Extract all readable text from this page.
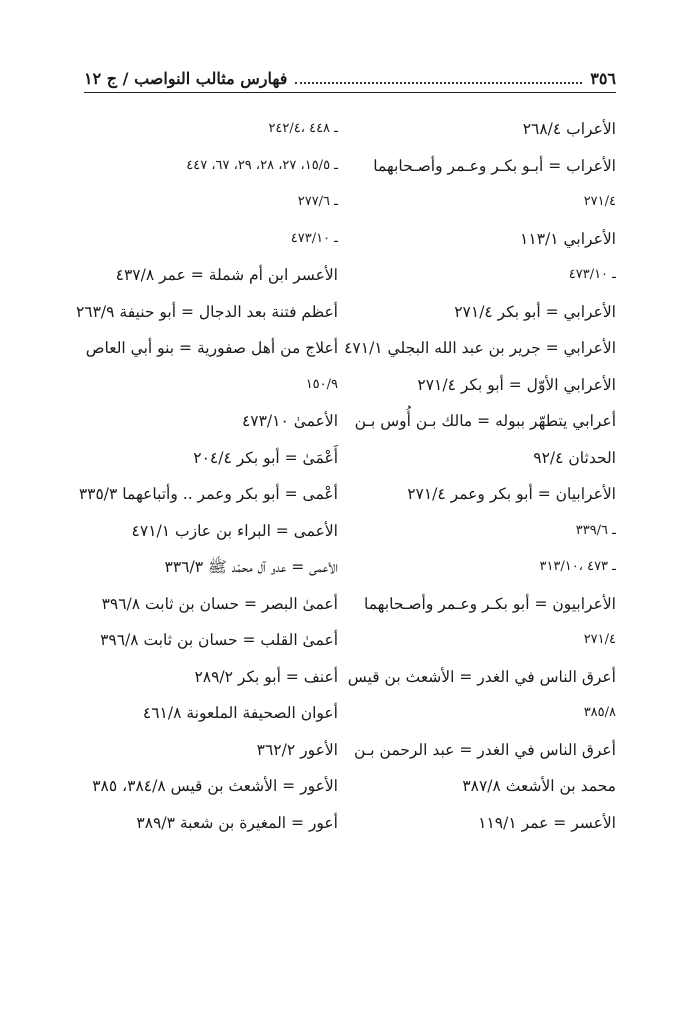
٣٥٦
فهارس مثالب النواصب / ج ١٢
الأعراب ٢٦٨/٤
الأعراب = أبـو بكـر وعـمر وأصـحابهما
٢٧١/٤
الأعرابي ١١٣/١
ـ ٤٧٣/١٠
الأعرابي = أبو بكر ٢٧١/٤
الأعرابي = جرير بن عبد الله البجلي ٤٧١/١
الأعرابي الأوّل = أبو بكر ٢٧١/٤
أعرابي يتطهّر ببوله = مالك بـن أُوس بـن
الحدثان ٩٢/٤
الأعرابيان = أبو بكر وعمر ٢٧١/٤
ـ ٣٣٩/٦
ـ ٤٧٣ ،٣١٣/١٠
الأعرابيون = أبو بكـر وعـمر وأصـحابهما
٢٧١/٤
أعرق الناس في الغدر = الأشعث بن قيس
٣٨٥/٨
أعرق الناس في الغدر = عبد الرحمن بـن
محمد بن الأشعث ٣٨٧/٨
الأعسر = عمر ١١٩/١
ـ ٤٤٨ ،٢٤٢/٤
ـ ١٥/٥، ٢٧، ٢٨، ٢٩، ٦٧، ٤٤٧
ـ ٢٧٧/٦
ـ ٤٧٣/١٠
الأعسر ابن أم شملة = عمر ٤٣٧/٨
أعظم فتنة بعد الدجال = أبو حنيفة ٢٦٣/٩
أعلاج من أهل صفورية = بنو أبي العاص
١٥٠/٩
الأعمىٰ ٤٧٣/١٠
أَعْمَىٰ = أبو بكر ٢٠٤/٤
أعْمى = أبو بكر وعمر .. وأتباعهما ٣٣٥/٣
الأعمى = البراء بن عازب ٤٧١/١
الأعمى = عدو آل محمّد ﷺ ٣٣٦/٣
أعمىٰ البصر = حسان بن ثابت ٣٩٦/٨
أعمىٰ القلب = حسان بن ثابت ٣٩٦/٨
أعنف = أبو بكر ٢٨٩/٢
أعوان الصحيفة الملعونة ٤٦١/٨
الأعور ٣٦٢/٢
الأعور = الأشعث بن قيس ٣٨٤/٨، ٣٨٥
أعور = المغيرة بن شعبة ٣٨٩/٣
